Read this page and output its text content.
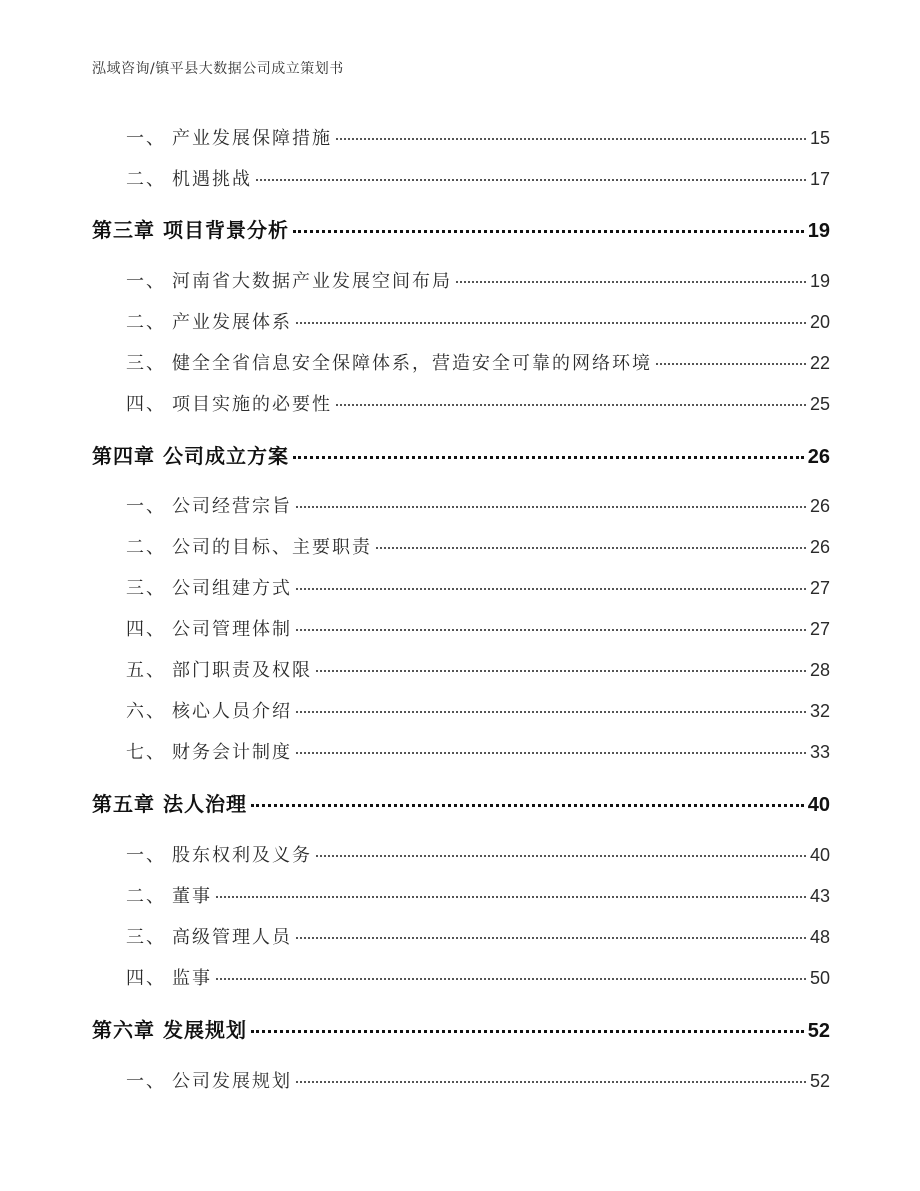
泓域咨询/镇平县大数据公司成立策划书
一、 产业发展保障措施	15
二、 机遇挑战	17
第三章 项目背景分析	19
一、 河南省大数据产业发展空间布局	19
二、 产业发展体系	20
三、 健全全省信息安全保障体系，营造安全可靠的网络环境	22
四、 项目实施的必要性	25
第四章 公司成立方案	26
一、 公司经营宗旨	26
二、 公司的目标、主要职责	26
三、 公司组建方式	27
四、 公司管理体制	27
五、 部门职责及权限	28
六、 核心人员介绍	32
七、 财务会计制度	33
第五章 法人治理	40
一、 股东权利及义务	40
二、 董事	43
三、 高级管理人员	48
四、 监事	50
第六章 发展规划	52
一、 公司发展规划	52
